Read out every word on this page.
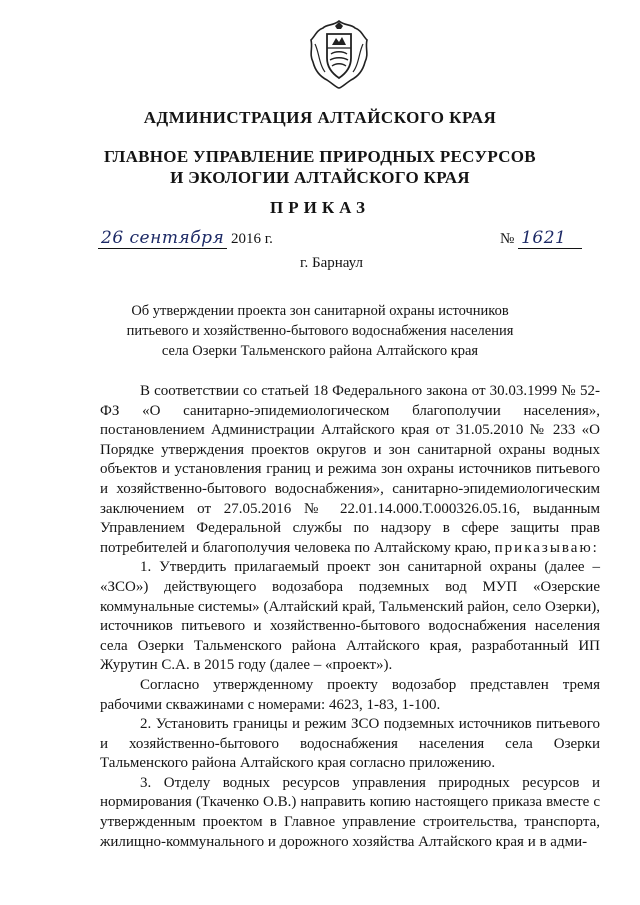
АДМИНИСТРАЦИЯ АЛТАЙСКОГО КРАЯ
ГЛАВНОЕ УПРАВЛЕНИЕ ПРИРОДНЫХ РЕСУРСОВ
И ЭКОЛОГИИ АЛТАЙСКОГО КРАЯ
ПРИКАЗ
26 сентября 2016 г.	№ 1621
г. Барнаул
Об утверждении проекта зон санитарной охраны источников
питьевого и хозяйственно-бытового водоснабжения населения
села Озерки Тальменского района Алтайского края

В соответствии со статьей 18 Федерального закона от 30.03.1999 № 52-ФЗ «О санитарно-эпидемиологическом благополучии населения», постановлением Администрации Алтайского края от 31.05.2010 № 233 «О Порядке утверждения проектов округов и зон санитарной охраны водных объектов и установления границ и режима зон охраны источников питьевого и хозяйственно-бытового водоснабжения», санитарно-эпидемиологическим заключением от 27.05.2016 № 22.01.14.000.Т.000326.05.16, выданным Управлением Федеральной службы по надзору в сфере защиты прав потребителей и благополучия человека по Алтайскому краю, приказываю:

1. Утвердить прилагаемый проект зон санитарной охраны (далее – «ЗСО») действующего водозабора подземных вод МУП «Озерские коммунальные системы» (Алтайский край, Тальменский район, село Озерки), источников питьевого и хозяйственно-бытового водоснабжения населения села Озерки Тальменского района Алтайского края, разработанный ИП Журутин С.А. в 2015 году (далее – «проект»).

Согласно утвержденному проекту водозабор представлен тремя рабочими скважинами с номерами: 4623, 1-83, 1-100.

2. Установить границы и режим ЗСО подземных источников питьевого и хозяйственно-бытового водоснабжения населения села Озерки Тальменского района Алтайского края согласно приложению.

3. Отделу водных ресурсов управления природных ресурсов и нормирования (Ткаченко О.В.) направить копию настоящего приказа вместе с утвержденным проектом в Главное управление строительства, транспорта, жилищно-коммунального и дорожного хозяйства Алтайского края и в адми-
